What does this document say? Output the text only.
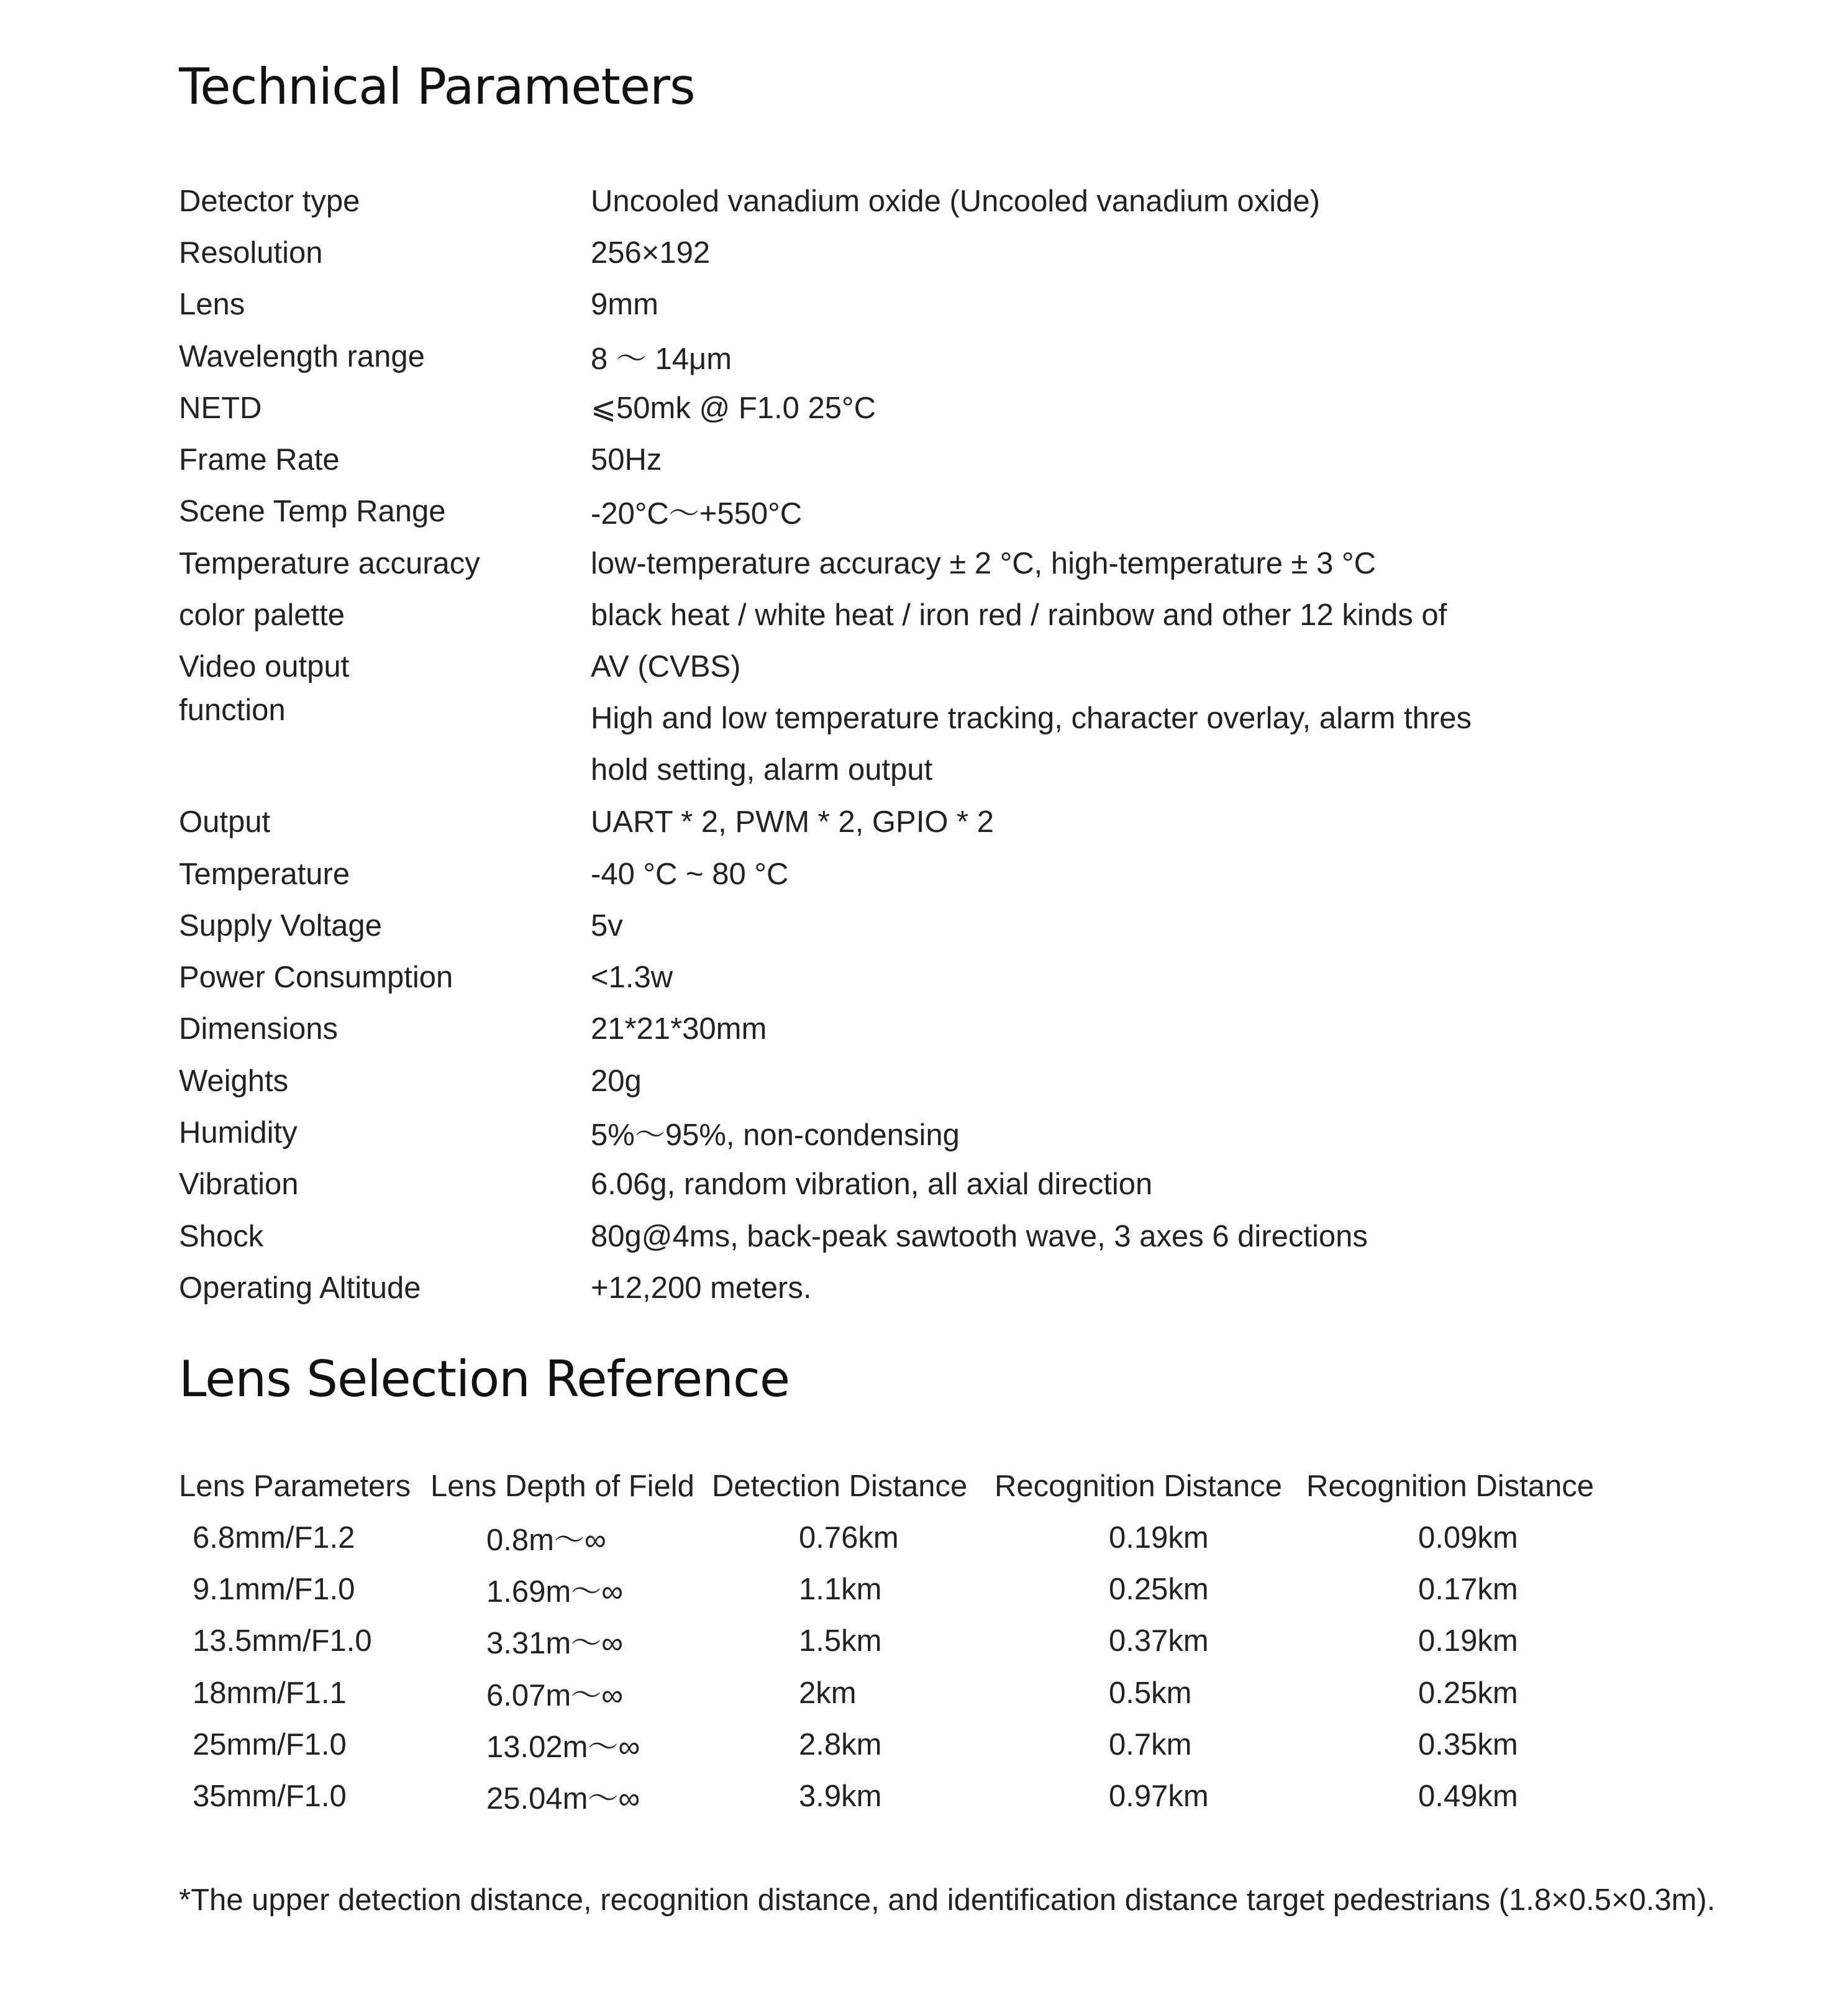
Technical Parameters
Detector type	Uncooled vanadium oxide (Uncooled vanadium oxide)
Resolution	256×192
Lens	9mm
Wavelength range	8 ～ 14μm
NETD	⩽50mk @ F1.0 25°C
Frame Rate	50Hz
Scene Temp Range	-20°C～+550°C
Temperature accuracy	low-temperature accuracy ± 2 °C, high-temperature ± 3 °C
color palette	black heat / white heat / iron red / rainbow and other 12 kinds of
Video output	AV (CVBS)
function	High and low temperature tracking, character overlay, alarm thres
hold setting, alarm output

Output	UART * 2, PWM * 2, GPIO * 2
Temperature	-40 °C ~ 80 °C
Supply Voltage	5v
Power Consumption	<1.3w
Dimensions	21*21*30mm
Weights	20g
Humidity	5%～95%, non-condensing
Vibration	6.06g, random vibration, all axial direction
Shock	80g@4ms, back-peak sawtooth wave, 3 axes 6 directions
Operating Altitude	+12,200 meters.
Lens Selection Reference
Lens Parameters	Lens Depth of Field	Detection Distance	Recognition Distance	Recognition Distance
6.8mm/F1.2	0.8m～∞	0.76km	0.19km	0.09km
9.1mm/F1.0	1.69m～∞	1.1km	0.25km	0.17km
13.5mm/F1.0	3.31m～∞	1.5km	0.37km	0.19km
18mm/F1.1	6.07m～∞	2km	0.5km	0.25km
25mm/F1.0	13.02m～∞	2.8km	0.7km	0.35km
35mm/F1.0	25.04m～∞	3.9km	0.97km	0.49km

*The upper detection distance, recognition distance, and identification distance target pedestrians (1.8×0.5×0.3m).
